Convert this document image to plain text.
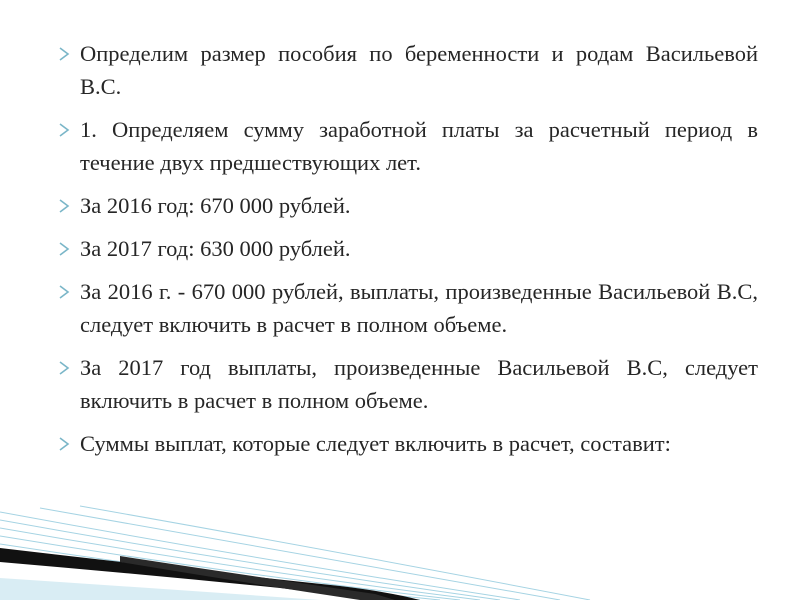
Определим размер пособия по беременности и родам Васильевой В.С.
1. Определяем сумму заработной платы за расчетный период в течение двух предшествующих лет.
За 2016 год: 670 000 рублей.
За 2017 год: 630 000 рублей.
За 2016 г. - 670 000 рублей, выплаты, произведенные Васильевой В.С, следует включить в расчет в полном объеме.
За 2017 год выплаты, произведенные Васильевой В.С, следует включить в расчет в полном объеме.
Суммы выплат, которые следует включить в расчет, составит:
